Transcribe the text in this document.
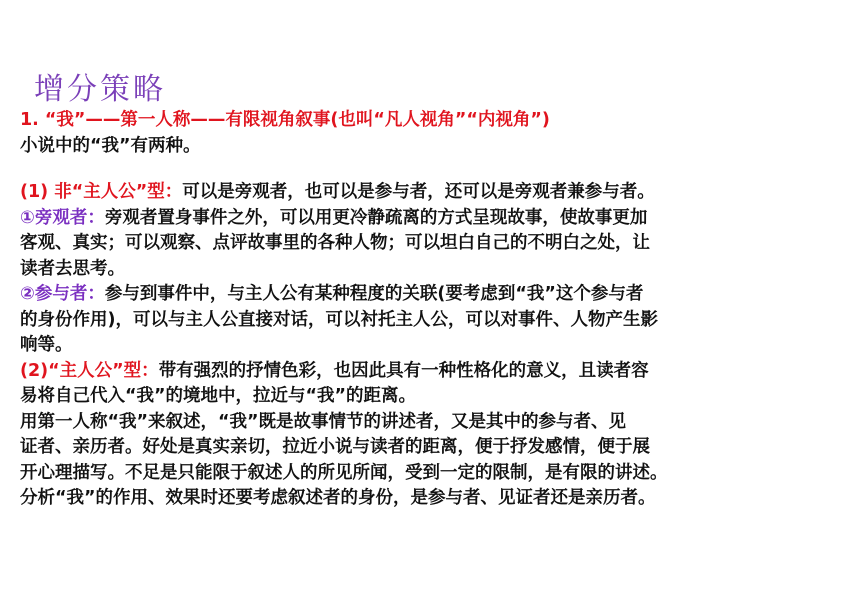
增分策略
1. “我”——第一人称——有限视角叙事(也叫“凡人视角”“内视角”)
小说中的“我”有两种。
(1) 非“主人公”型：可以是旁观者，也可以是参与者，还可以是旁观者兼参与者。
①旁观者：旁观者置身事件之外，可以用更冷静疏离的方式呈现故事，使故事更加
客观、真实；可以观察、点评故事里的各种人物；可以坦白自己的不明白之处，让
读者去思考。
②参与者：参与到事件中，与主人公有某种程度的关联(要考虑到“我”这个参与者
的身份作用)，可以与主人公直接对话，可以衬托主人公，可以对事件、人物产生影
响等。
(2)“主人公”型：带有强烈的抒情色彩，也因此具有一种性格化的意义，且读者容
易将自己代入“我”的境地中，拉近与“我”的距离。
用第一人称“我”来叙述，“我”既是故事情节的讲述者，又是其中的参与者、见
证者、亲历者。好处是真实亲切，拉近小说与读者的距离，便于抒发感情，便于展
开心理描写。不足是只能限于叙述人的所见所闻，受到一定的限制，是有限的讲述。
分析“我”的作用、效果时还要考虑叙述者的身份，是参与者、见证者还是亲历者。
